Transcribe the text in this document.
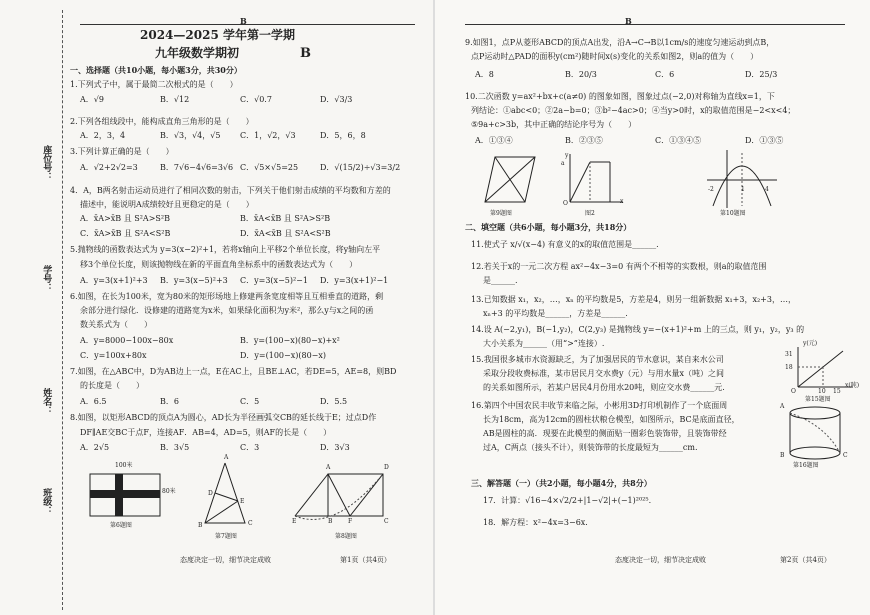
B
座位号：
学号：
姓名：
班级：
2024—2025 学年第一学期
九年级数学期初	B
一、选择题（共10小题，每小题3分，共30分）
1.下列式子中，属于最简二次根式的是（　　）
A．√9	B．√12	C．√0.7	D．√3/3
2.下列各组线段中，能构成直角三角形的是（　　）
A．2，3，4	B．√3，√4，√5 C．1，√2，√3	D．5，6，8
3.下列计算正确的是（　　）
A．√2+2√2=3	B．7√6−4√6=3√6 C．√5×√5=25	D．√(15/2)÷√3=3/2
4．A，B两名射击运动员进行了相同次数的射击，下列关于他们射击成绩的平均数和方差的
描述中，能说明A成绩较好且更稳定的是（　　）
A．x̄A>x̄B 且 S²A>S²B	B．x̄A<x̄B 且 S²A>S²B
C．x̄A>x̄B 且 S²A<S²B	D．x̄A<x̄B 且 S²A<S²B
5.抛物线的函数表达式为 y=3(x−2)²+1，若将x轴向上平移2个单位长度，将y轴向左平
移3个单位长度，则该抛物线在新的平面直角坐标系中的函数表达式为（　　）
A．y=3(x+1)²+3 B．y=3(x−5)²+3 C．y=3(x−5)²−1 D．y=3(x+1)²−1
6.如图，在长为100米，宽为80米的矩形场地上修建两条宽度相等且互相垂直的道路，剩
余部分进行绿化．设修建的道路宽为x米，如果绿化面积为y米²，那么y与x之间的函
数关系式为（　　）
A．y=8000−100x−80x	B．y=(100−x)(80−x)+x²
C．y=100x+80x	D．y=(100−x)(80−x)
7.如图，在△ABC中，D为AB边上一点，E在AC上，且BE⊥AC，若DE=5，AE=8，则BD
的长度是（　　）
A．6.5	B．6	C．5	D．5.5
8.如图，以矩形ABCD的顶点A为圆心，AD长为半径画弧交CB的延长线于E；过点D作
DF∥AE交BC于点F，连接AF．AB=4，AD=5，则AF的长是（　　）
A．2√5	B．3√5	C．3	D．3√3
100米
80米
第6题图
A
D
E
B	C
第7题图
A	D
E	B	F	C
第8题图
态度决定一切，细节决定成败	第1页（共4页）
B
9.如图1，点P从菱形ABCD的顶点A出发，沿A→C→B以1cm/s的速度匀速运动到点B，
点P运动时△PAD的面积y(cm²)随时间x(s)变化的关系如图2，则a的值为（　　）
A．8	B．20/3	C．6	D．25/3
10.二次函数 y=ax²+bx+c(a≠0) 的图象如图，图象过点(−2,0)对称轴为直线x=1，下
列结论：①abc<0；②2a−b=0；③b²−4ac>0；④当y>0时，x的取值范围是−2<x<4；
⑤9a+c>3b，其中正确的结论序号为（　　）
A．①③④	B．②③⑤	C．①③④⑤	D．①③⑤
y
a
x
O
第9题图	图2
-2	1	4
第10题图
二、填空题（共6小题，每小题3分，共18分）
11.使式子 x/√(x−4) 有意义的x的取值范围是______.
12.若关于x的一元二次方程 ax²−4x−3=0 有两个不相等的实数根，则a的取值范围
是______.
13.已知数据 x₁，x₂，…，xₙ 的平均数是5，方差是4，则另一组新数据 x₁+3，x₂+3，…，
xₙ+3 的平均数是______，方差是______.
14.设 A(−2,y₁)，B(−1,y₂)，C(2,y₃) 是抛物线 y=−(x+1)²+m 上的三点，则 y₁，y₂，y₃ 的
大小关系为______（用“>”连接）.
15.我国很多城市水资源缺乏，为了加强居民的节水意识，某自来水公司
采取分段收费标准，某市居民月交水费y（元）与用水量x（吨）之间
的关系如图所示，若某户居民4月份用水20吨，则应交水费______元.
16.第四个中国农民丰收节来临之际，小彬用3D打印机制作了一个底面周
长为18cm，高为12cm的圆柱状粮仓模型，如图所示，BC是底面直径，
AB是圆柱的高．现要在此模型的侧面贴一圈彩色装饰带，且装饰带经
过A，C两点（接头不计），则装饰带的长度最短为______cm.
y(元)
31
18
10 15
O
x(吨)
第15题图
A
B	C
第16题图
三、解答题（一）（共2小题，每小题4分，共8分）
17．计算：√16−4×√2/2+|1−√2|+(−1)²⁰²⁵.
18．解方程：x²−4x=3−6x.
态度决定一切，细节决定成败	第2页（共4页）
